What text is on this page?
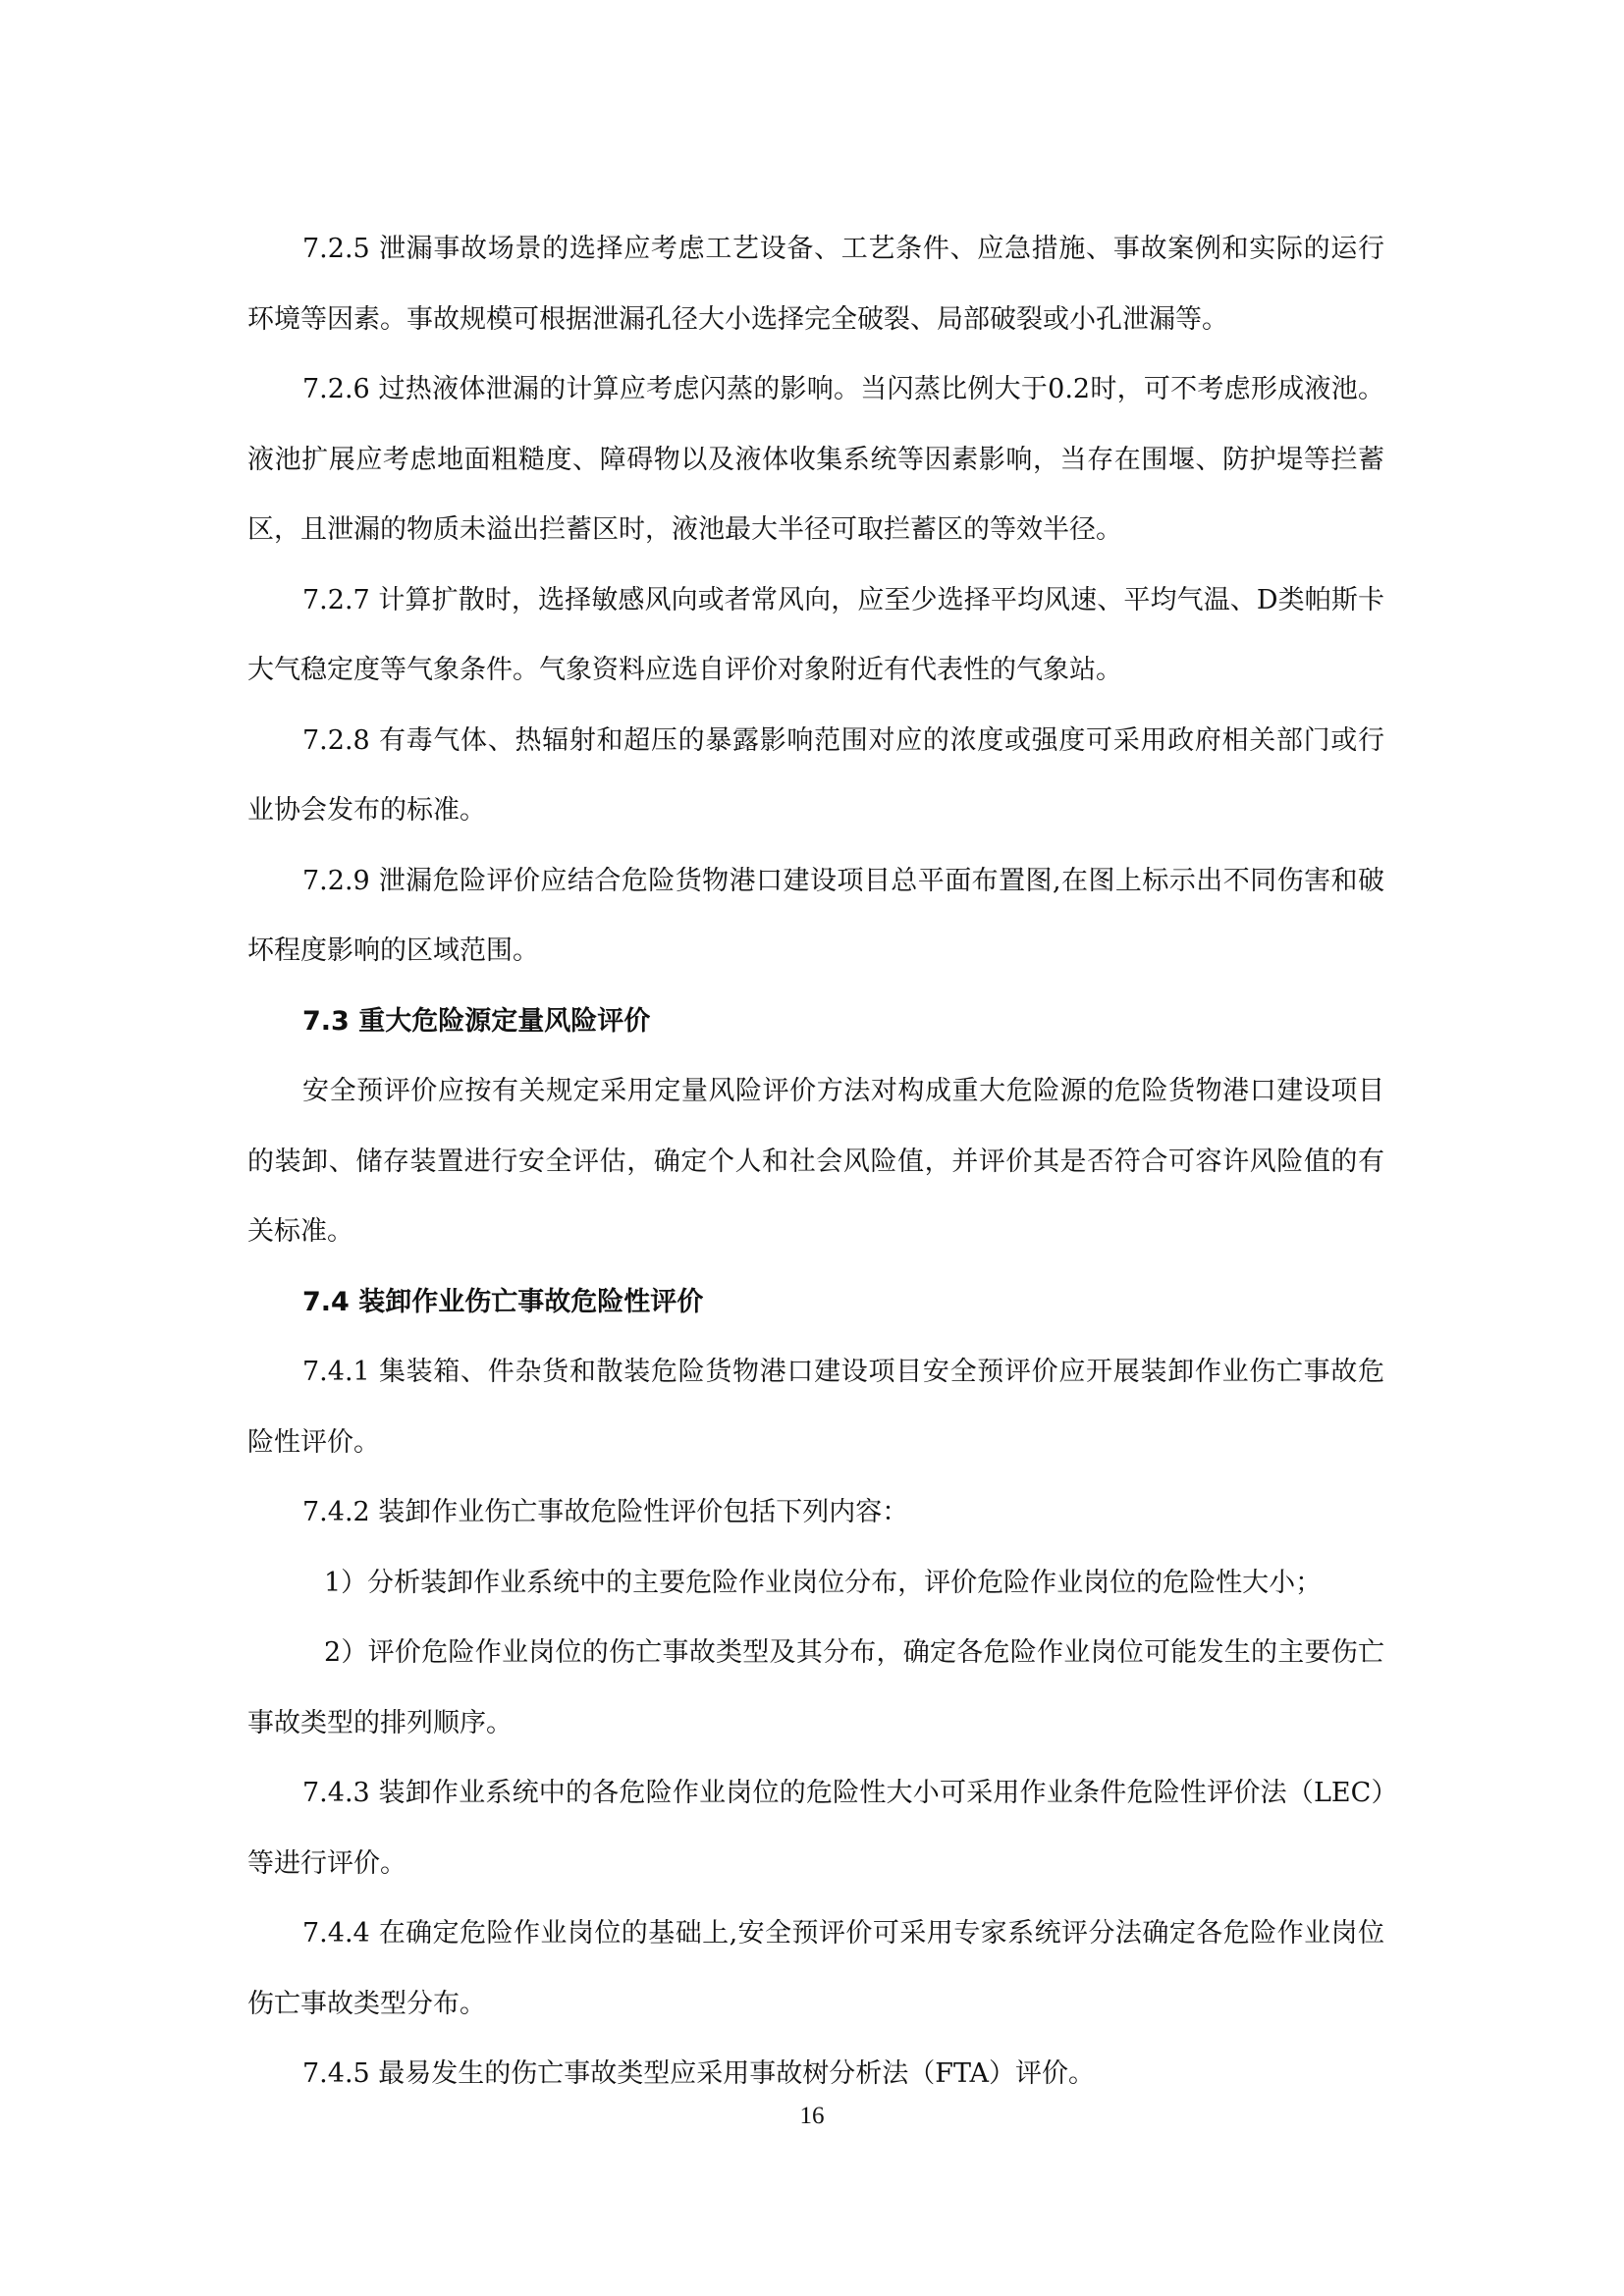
7.2.5 泄漏事故场景的选择应考虑工艺设备、工艺条件、应急措施、事故案例和实际的运行环境等因素。事故规模可根据泄漏孔径大小选择完全破裂、局部破裂或小孔泄漏等。

7.2.6 过热液体泄漏的计算应考虑闪蒸的影响。当闪蒸比例大于0.2时，可不考虑形成液池。液池扩展应考虑地面粗糙度、障碍物以及液体收集系统等因素影响，当存在围堰、防护堤等拦蓄区，且泄漏的物质未溢出拦蓄区时，液池最大半径可取拦蓄区的等效半径。

7.2.7 计算扩散时，选择敏感风向或者常风向，应至少选择平均风速、平均气温、D类帕斯卡大气稳定度等气象条件。气象资料应选自评价对象附近有代表性的气象站。

7.2.8 有毒气体、热辐射和超压的暴露影响范围对应的浓度或强度可采用政府相关部门或行业协会发布的标准。

7.2.9 泄漏危险评价应结合危险货物港口建设项目总平面布置图,在图上标示出不同伤害和破坏程度影响的区域范围。

7.3 重大危险源定量风险评价

安全预评价应按有关规定采用定量风险评价方法对构成重大危险源的危险货物港口建设项目的装卸、储存装置进行安全评估，确定个人和社会风险值，并评价其是否符合可容许风险值的有关标准。

7.4 装卸作业伤亡事故危险性评价

7.4.1 集装箱、件杂货和散装危险货物港口建设项目安全预评价应开展装卸作业伤亡事故危险性评价。

7.4.2 装卸作业伤亡事故危险性评价包括下列内容：

1）分析装卸作业系统中的主要危险作业岗位分布，评价危险作业岗位的危险性大小；

2）评价危险作业岗位的伤亡事故类型及其分布，确定各危险作业岗位可能发生的主要伤亡事故类型的排列顺序。

7.4.3 装卸作业系统中的各危险作业岗位的危险性大小可采用作业条件危险性评价法（LEC）等进行评价。

7.4.4 在确定危险作业岗位的基础上,安全预评价可采用专家系统评分法确定各危险作业岗位伤亡事故类型分布。

7.4.5 最易发生的伤亡事故类型应采用事故树分析法（FTA）评价。

16
